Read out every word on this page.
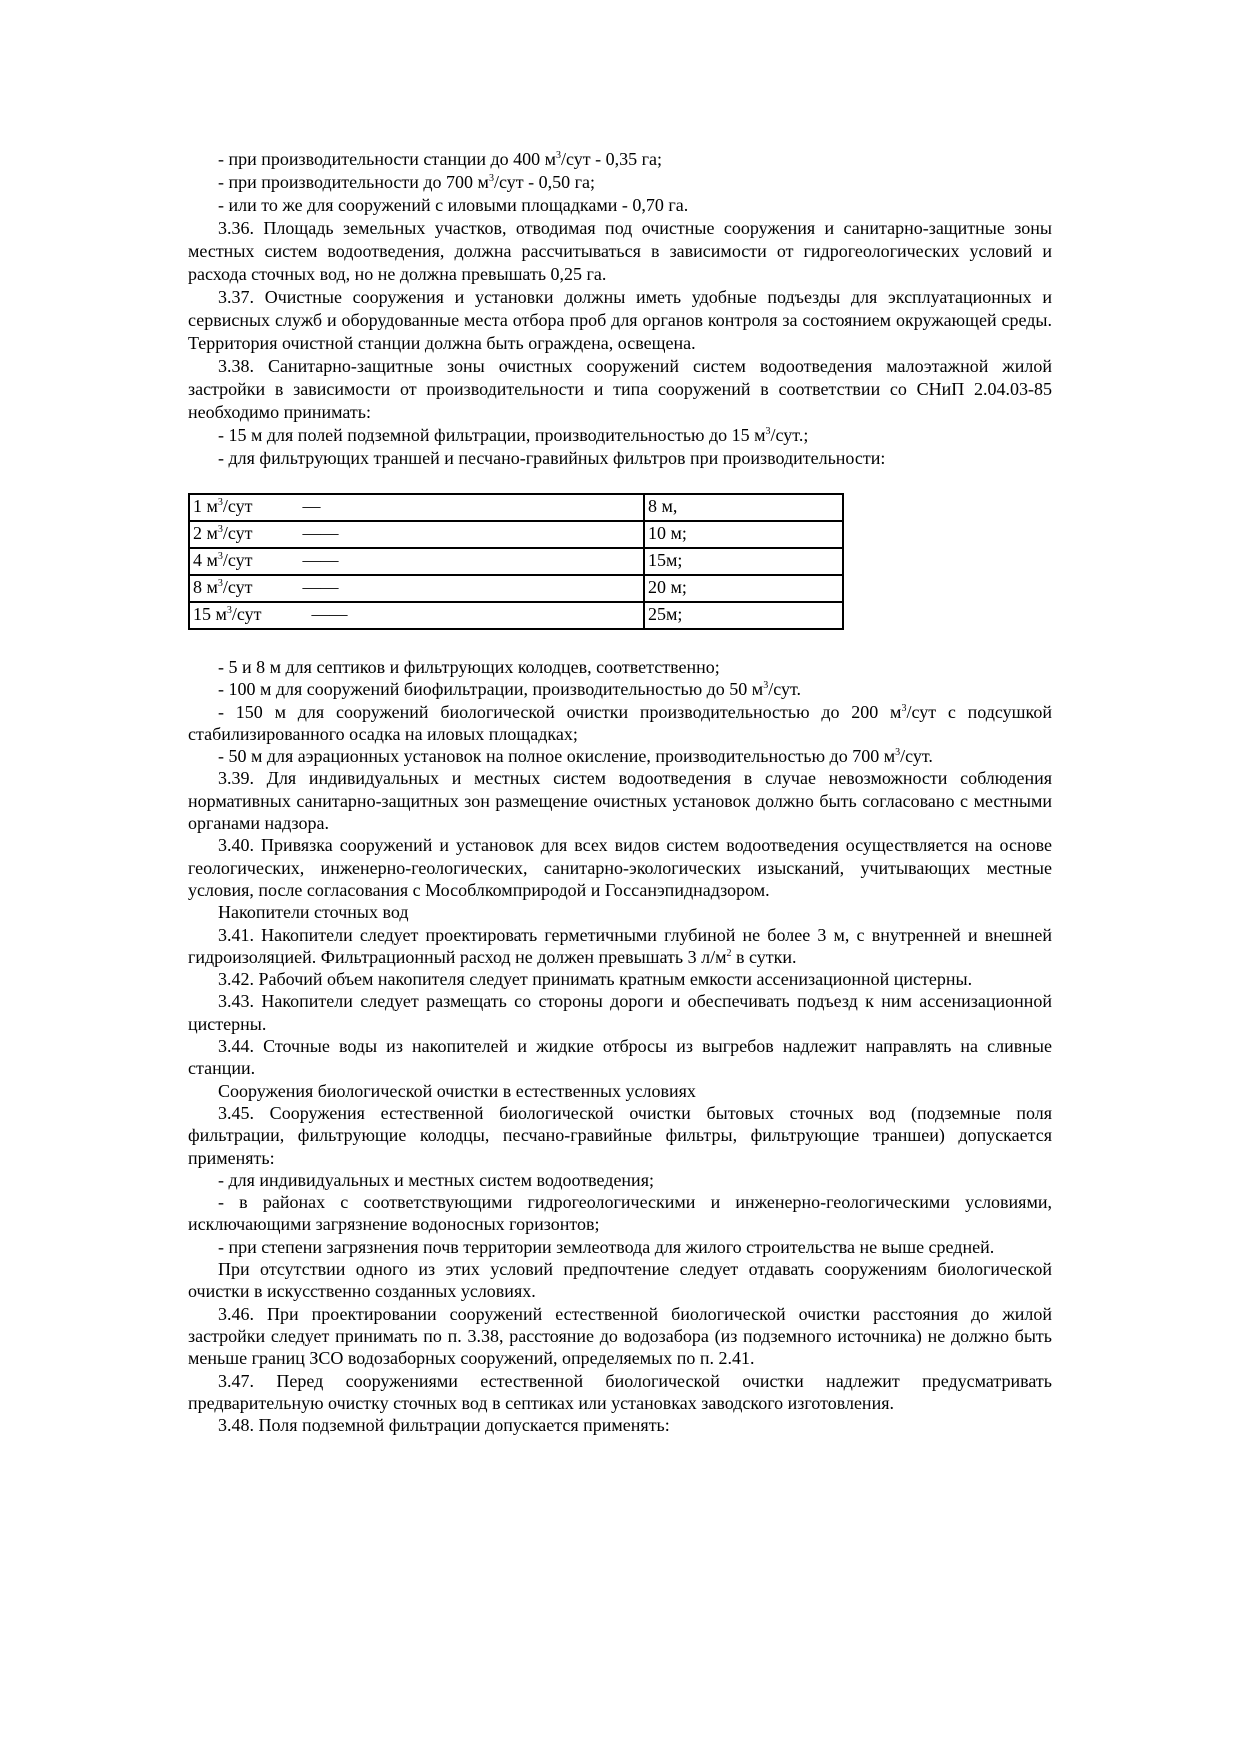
- при производительности станции до 400 $м^3$/сут - 0,35 га;

- при производительности до 700 $м^3$/сут - 0,50 га;

- или то же для сооружений с иловыми площадками - 0,70 га.

3.36. Площадь земельных участков, отводимая под очистные сооружения и санитарно-защитные зоны местных систем водоотведения, должна рассчитываться в зависимости от гидрогеологических условий и расхода сточных вод, но не должна превышать 0,25 га.

3.37. Очистные сооружения и установки должны иметь удобные подъезды для эксплуатационных и сервисных служб и оборудованные места отбора проб для органов контроля за состоянием окружающей среды. Территория очистной станции должна быть ограждена, освещена.

3.38. Санитарно-защитные зоны очистных сооружений систем водоотведения малоэтажной жилой застройки в зависимости от производительности и типа сооружений в соответствии со СНиП 2.04.03-85 необходимо принимать:

- 15 м для полей подземной фильтрации, производительностью до 15 $м^3$/сут.;

- для фильтрующих траншей и песчано-гравийных фильтров при производительности:

1 $м^3$/сут —	8 м,
2 $м^3$/сут ——	10 м;
4 $м^3$/сут ——	15м;
8 $м^3$/сут ——	20 м;
15 $м^3$/сут ——	25м;

- 5 и 8 м для септиков и фильтрующих колодцев, соответственно;

- 100 м для сооружений биофильтрации, производительностью до 50 $м^3$/сут.

- 150 м для сооружений биологической очистки производительностью до 200 $м^3$/сут с подсушкой стабилизированного осадка на иловых площадках;

- 50 м для аэрационных установок на полное окисление, производительностью до 700 $м^3$/сут.

3.39. Для индивидуальных и местных систем водоотведения в случае невозможности соблюдения нормативных санитарно-защитных зон размещение очистных установок должно быть согласовано с местными органами надзора.

3.40. Привязка сооружений и установок для всех видов систем водоотведения осуществляется на основе геологических, инженерно-геологических, санитарно-экологических изысканий, учитывающих местные условия, после согласования с Мособлкомприродой и Госсанэпиднадзором.

Накопители сточных вод

3.41. Накопители следует проектировать герметичными глубиной не более 3 м, с внутренней и внешней гидроизоляцией. Фильтрационный расход не должен превышать 3 $л/м^2$ в сутки.

3.42. Рабочий объем накопителя следует принимать кратным емкости ассенизационной цистерны.

3.43. Накопители следует размещать со стороны дороги и обеспечивать подъезд к ним ассенизационной цистерны.

3.44. Сточные воды из накопителей и жидкие отбросы из выгребов надлежит направлять на сливные станции.

Сооружения биологической очистки в естественных условиях

3.45. Сооружения естественной биологической очистки бытовых сточных вод (подземные поля фильтрации, фильтрующие колодцы, песчано-гравийные фильтры, фильтрующие траншеи) допускается применять:

- для индивидуальных и местных систем водоотведения;

- в районах с соответствующими гидрогеологическими и инженерно-геологическими условиями, исключающими загрязнение водоносных горизонтов;

- при степени загрязнения почв территории землеотвода для жилого строительства не выше средней.

При отсутствии одного из этих условий предпочтение следует отдавать сооружениям биологической очистки в искусственно созданных условиях.

3.46. При проектировании сооружений естественной биологической очистки расстояния до жилой застройки следует принимать по п. 3.38, расстояние до водозабора (из подземного источника) не должно быть меньше границ ЗСО водозаборных сооружений, определяемых по п. 2.41.

3.47. Перед сооружениями естественной биологической очистки надлежит предусматривать предварительную очистку сточных вод в септиках или установках заводского изготовления.

3.48. Поля подземной фильтрации допускается применять:
